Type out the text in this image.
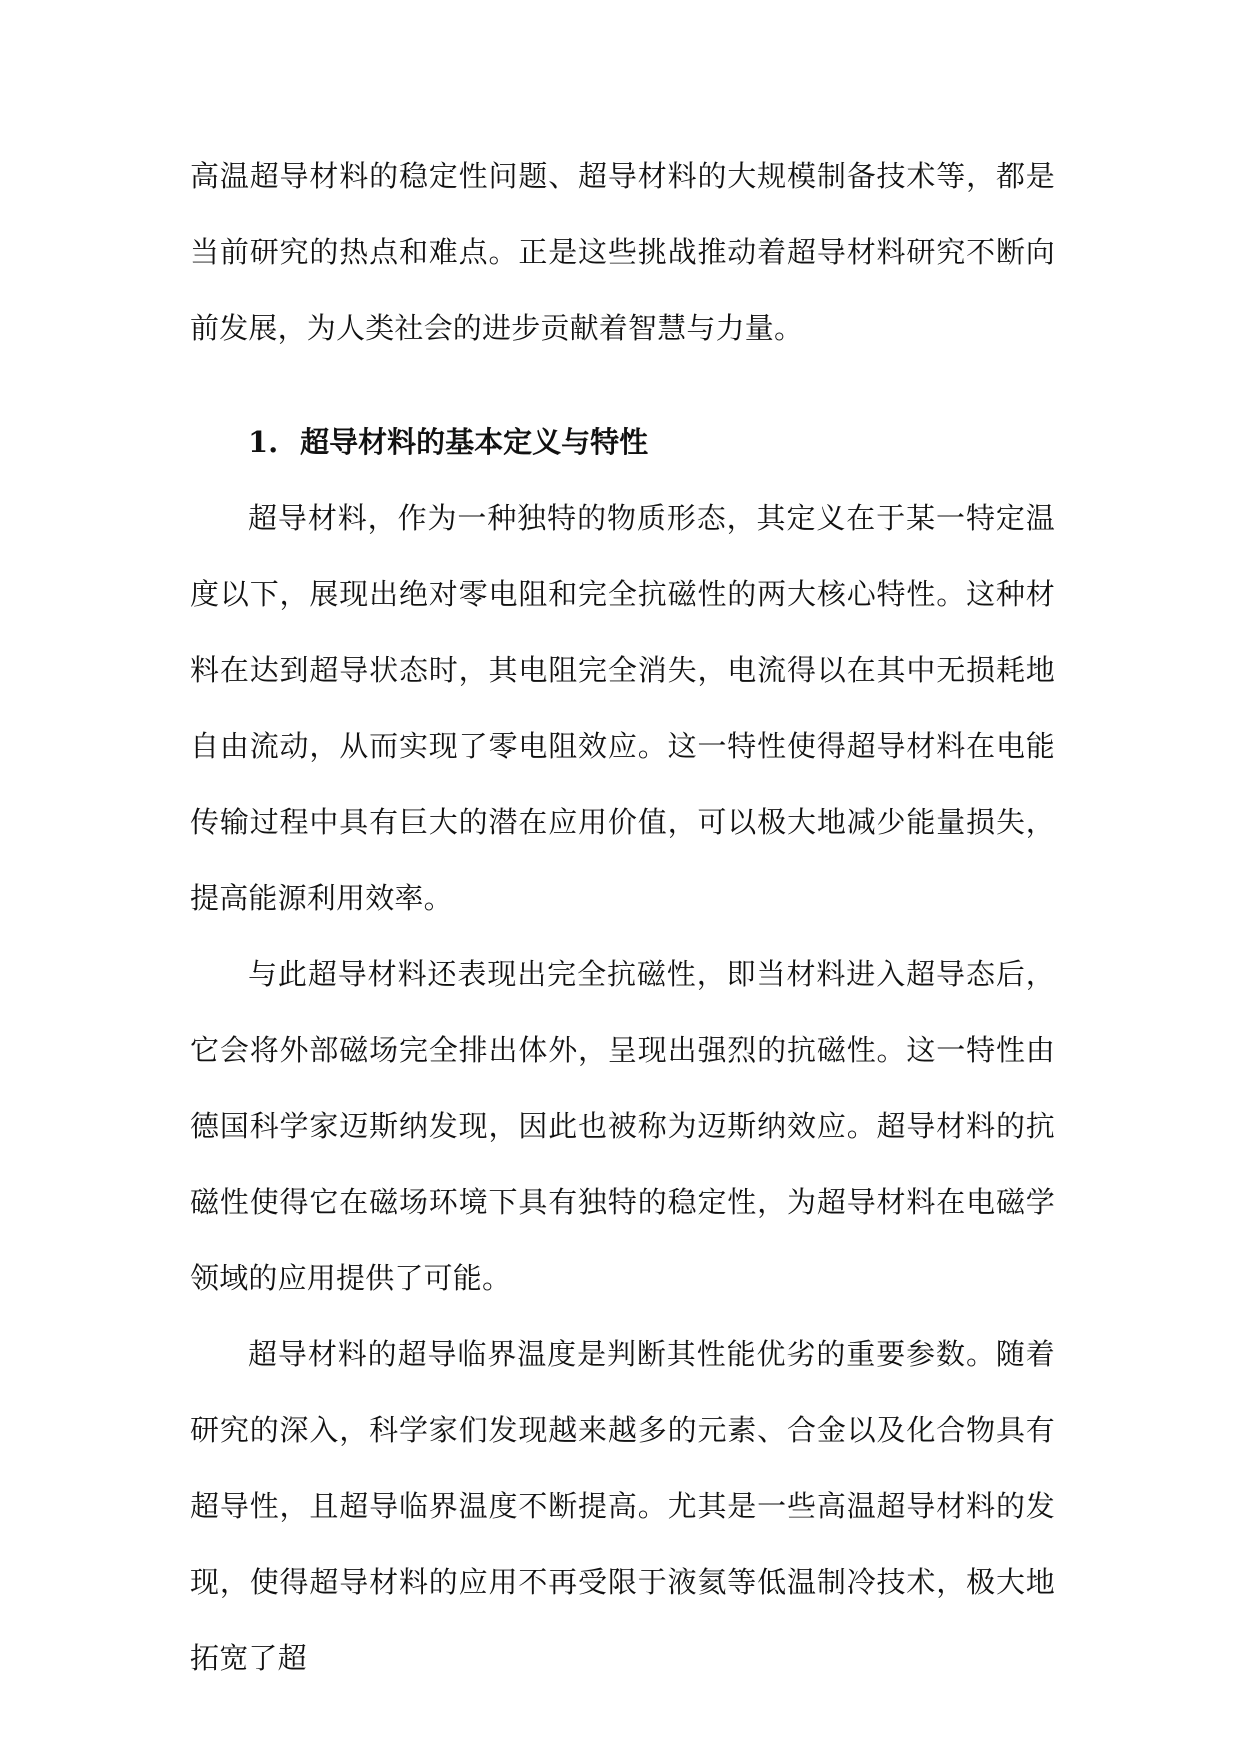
高温超导材料的稳定性问题、超导材料的大规模制备技术等，都是当前研究的热点和难点。正是这些挑战推动着超导材料研究不断向前发展，为人类社会的进步贡献着智慧与力量。

1. 超导材料的基本定义与特性

超导材料，作为一种独特的物质形态，其定义在于某一特定温度以下，展现出绝对零电阻和完全抗磁性的两大核心特性。这种材料在达到超导状态时，其电阻完全消失，电流得以在其中无损耗地自由流动，从而实现了零电阻效应。这一特性使得超导材料在电能传输过程中具有巨大的潜在应用价值，可以极大地减少能量损失，提高能源利用效率。

与此超导材料还表现出完全抗磁性，即当材料进入超导态后，它会将外部磁场完全排出体外，呈现出强烈的抗磁性。这一特性由德国科学家迈斯纳发现，因此也被称为迈斯纳效应。超导材料的抗磁性使得它在磁场环境下具有独特的稳定性，为超导材料在电磁学领域的应用提供了可能。

超导材料的超导临界温度是判断其性能优劣的重要参数。随着研究的深入，科学家们发现越来越多的元素、合金以及化合物具有超导性，且超导临界温度不断提高。尤其是一些高温超导材料的发现，使得超导材料的应用不再受限于液氦等低温制冷技术，极大地拓宽了超
